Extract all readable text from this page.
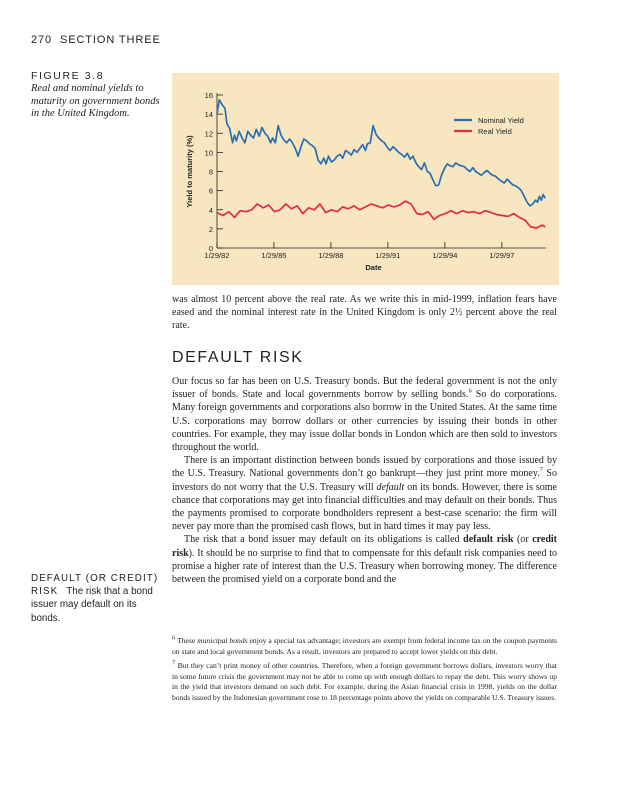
270 SECTION THREE
FIGURE 3.8
Real and nominal yields to maturity on government bonds in the United Kingdom.
0
2
4
6
8
10
12
14
16
1/29/82	1/29/85	1/29/88	1/29/91	1/29/94	1/29/97
Date
Yield to maturity (%)
Nominal Yield
Real Yield

was almost 10 percent above the real rate. As we write this in mid-1999, inflation fears have eased and the nominal interest rate in the United Kingdom is only 2½ percent above the real rate.

DEFAULT RISK

Our focus so far has been on U.S. Treasury bonds. But the federal government is not the only issuer of bonds. State and local governments borrow by selling bonds.$^6$ So do corporations. Many foreign governments and corporations also borrow in the United States. At the same time U.S. corporations may borrow dollars or other currencies by issuing their bonds in other countries. For example, they may issue dollar bonds in London which are then sold to investors throughout the world.

There is an important distinction between bonds issued by corporations and those issued by the U.S. Treasury. National governments don’t go bankrupt—they just print more money.$^7$ So investors do not worry that the U.S. Treasury will default on its bonds. However, there is some chance that corporations may get into financial difficulties and may default on their bonds. Thus the payments promised to corporate bondholders represent a best-case scenario: the firm will never pay more than the promised cash flows, but in hard times it may pay less.

The risk that a bond issuer may default on its obligations is called default risk (or credit risk). It should be no surprise to find that to compensate for this default risk companies need to promise a higher rate of interest than the U.S. Treasury when borrowing money. The difference between the promised yield on a corporate bond and the

DEFAULT (OR CREDIT) RISK The risk that a bond issuer may default on its bonds.

$^6$ These municipal bonds enjoy a special tax advantage; investors are exempt from federal income tax on the coupon payments on state and local government bonds. As a result, investors are prepared to accept lower yields on this debt.

$^7$ But they can’t print money of other countries. Therefore, when a foreign government borrows dollars, investors worry that in some future crisis the government may not be able to come up with enough dollars to repay the debt. This worry shows up in the yield that investors demand on such debt. For example, during the Asian financial crisis in 1998, yields on the dollar bonds issued by the Indonesian government rose to 18 percentage points above the yields on comparable U.S. Treasury issues.
